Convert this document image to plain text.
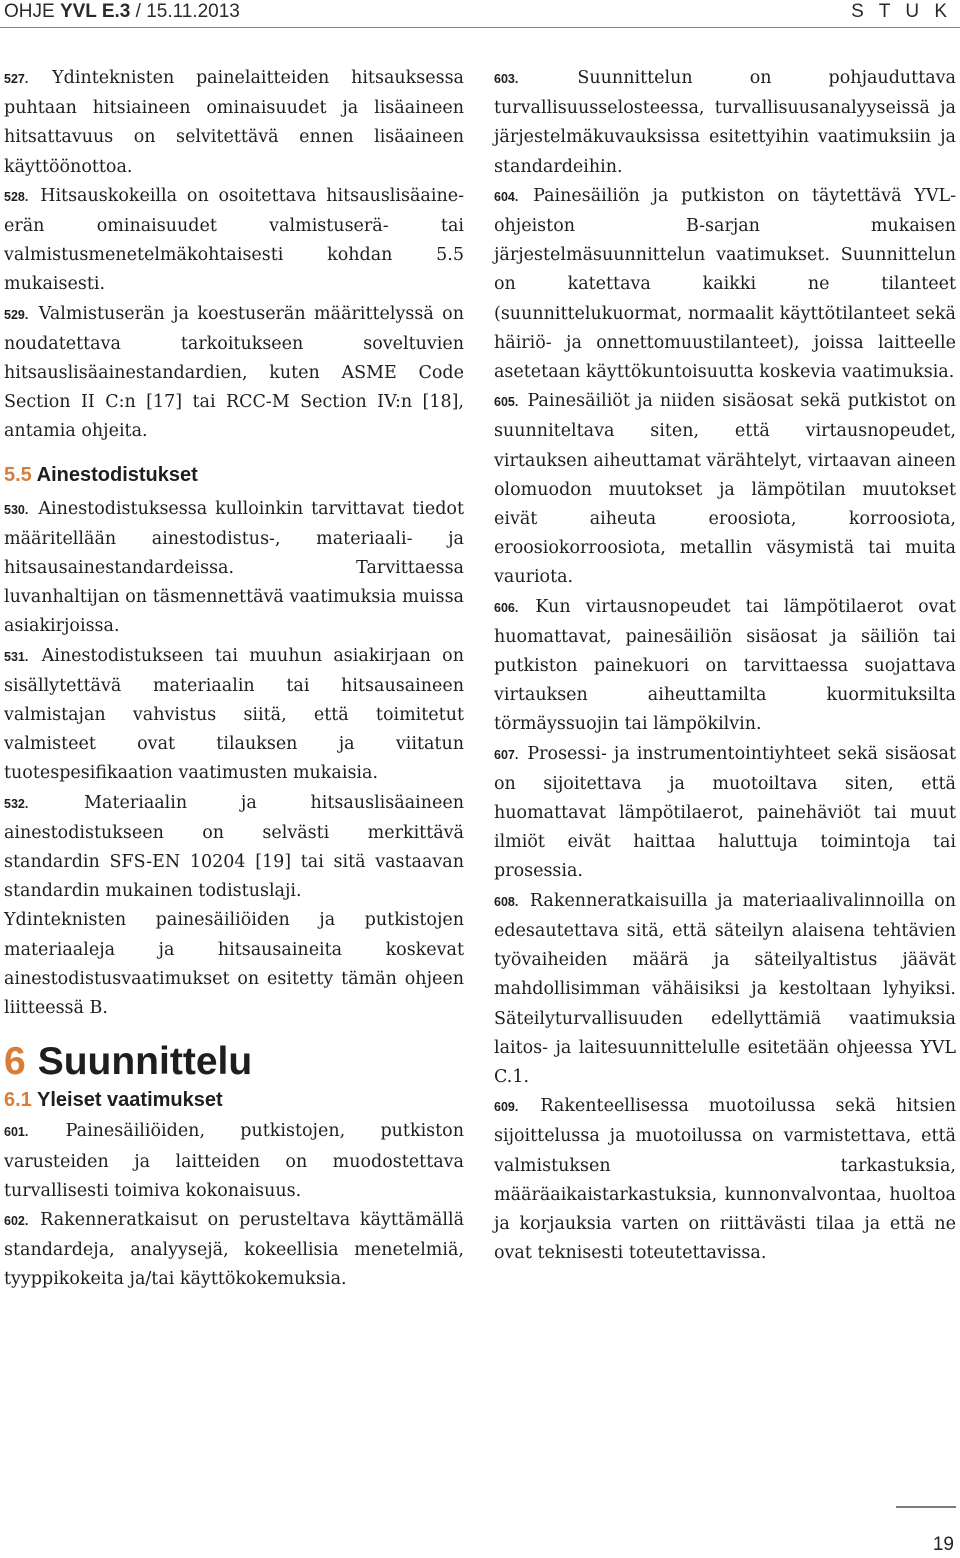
OHJE YVL E.3 / 15.11.2013	S T U K

527. Ydinteknisten painelaitteiden hitsauksessa puhtaan hitsiaineen ominaisuudet ja lisäaineen hitsattavuus on selvitettävä ennen lisäaineen käyttöönottoa.

528. Hitsauskokeilla on osoitettava hitsauslisäaine-erän ominaisuudet valmistuserä- tai valmistusmenetelmäkohtaisesti kohdan 5.5 mukaisesti.

529. Valmistuserän ja koestuserän määrittelyssä on noudatettava tarkoitukseen soveltuvien hitsauslisäainestandardien, kuten ASME Code Section II C:n [17] tai RCC-M Section IV:n [18], antamia ohjeita.

5.5 Ainestodistukset

530. Ainestodistuksessa kulloinkin tarvittavat tiedot määritellään ainestodistus-, materiaali- ja hitsausainestandardeissa. Tarvittaessa luvanhaltijan on täsmennettävä vaatimuksia muissa asiakirjoissa.

531. Ainestodistukseen tai muuhun asiakirjaan on sisällytettävä materiaalin tai hitsausaineen valmistajan vahvistus siitä, että toimitetut valmisteet ovat tilauksen ja viitatun tuotespesifikaation vaatimusten mukaisia.

532.	Materiaalin ja hitsauslisäaineen ainestodistukseen on selvästi merkittävä standardin SFS-EN 10204 [19] tai sitä vastaavan standardin mukainen todistuslaji.

Ydinteknisten painesäiliöiden ja putkistojen materiaaleja ja hitsausaineita koskevat ainestodistusvaatimukset on esitetty tämän ohjeen liitteessä B.

6 Suunnittelu
6.1 Yleiset vaatimukset

601. Painesäiliöiden, putkistojen, putkiston varusteiden ja laitteiden on muodostettava turvallisesti toimiva kokonaisuus.

602. Rakenneratkaisut on perusteltava käyttämällä standardeja, analyysejä, kokeellisia menetelmiä, tyyppikokeita ja/tai käyttökokemuksia.

603.	Suunnittelun on pohjauduttava turvallisuusselosteessa, turvallisuusanalyyseissä ja järjestelmäkuvauksissa esitettyihin vaatimuksiin ja standardeihin.

604. Painesäiliön ja putkiston on täytettävä YVL-ohjeiston B-sarjan mukaisen järjestelmäsuunnittelun vaatimukset. Suunnittelun on katettava kaikki ne tilanteet (suunnittelukuormat, normaalit käyttötilanteet sekä häiriö- ja onnettomuustilanteet), joissa laitteelle asetetaan käyttökuntoisuutta koskevia vaatimuksia.

605. Painesäiliöt ja niiden sisäosat sekä putkistot on suunniteltava siten, että virtausnopeudet, virtauksen aiheuttamat värähtelyt, virtaavan aineen olomuodon muutokset ja lämpötilan muutokset eivät aiheuta eroosiota, korroosiota, eroosiokorroosiota, metallin väsymistä tai muita vauriota.

606. Kun virtausnopeudet tai lämpötilaerot ovat huomattavat, painesäiliön sisäosat ja säiliön tai putkiston painekuori on tarvittaessa suojattava virtauksen aiheuttamilta kuormituksilta törmäyssuojin tai lämpökilvin.

607. Prosessi- ja instrumentointiyhteet sekä sisäosat on sijoitettava ja muotoiltava siten, että huomattavat lämpötilaerot, painehäviöt tai muut ilmiöt eivät haittaa haluttuja toimintoja tai prosessia.

608. Rakenneratkaisuilla ja materiaalivalinnoilla on edesautettava sitä, että säteilyn alaisena tehtävien työvaiheiden määrä ja säteilyaltistus jäävät mahdollisimman vähäisiksi ja kestoltaan lyhyiksi. Säteilyturvallisuuden edellyttämiä vaatimuksia laitos- ja laitesuunnittelulle esitetään ohjeessa YVL C.1.

609. Rakenteellisessa muotoilussa sekä hitsien sijoittelussa ja muotoilussa on varmistettava, että valmistuksen tarkastuksia, määräaikaistarkastuksia, kunnonvalvontaa, huoltoa ja korjauksia varten on riittävästi tilaa ja että ne ovat teknisesti toteutettavissa.

19
